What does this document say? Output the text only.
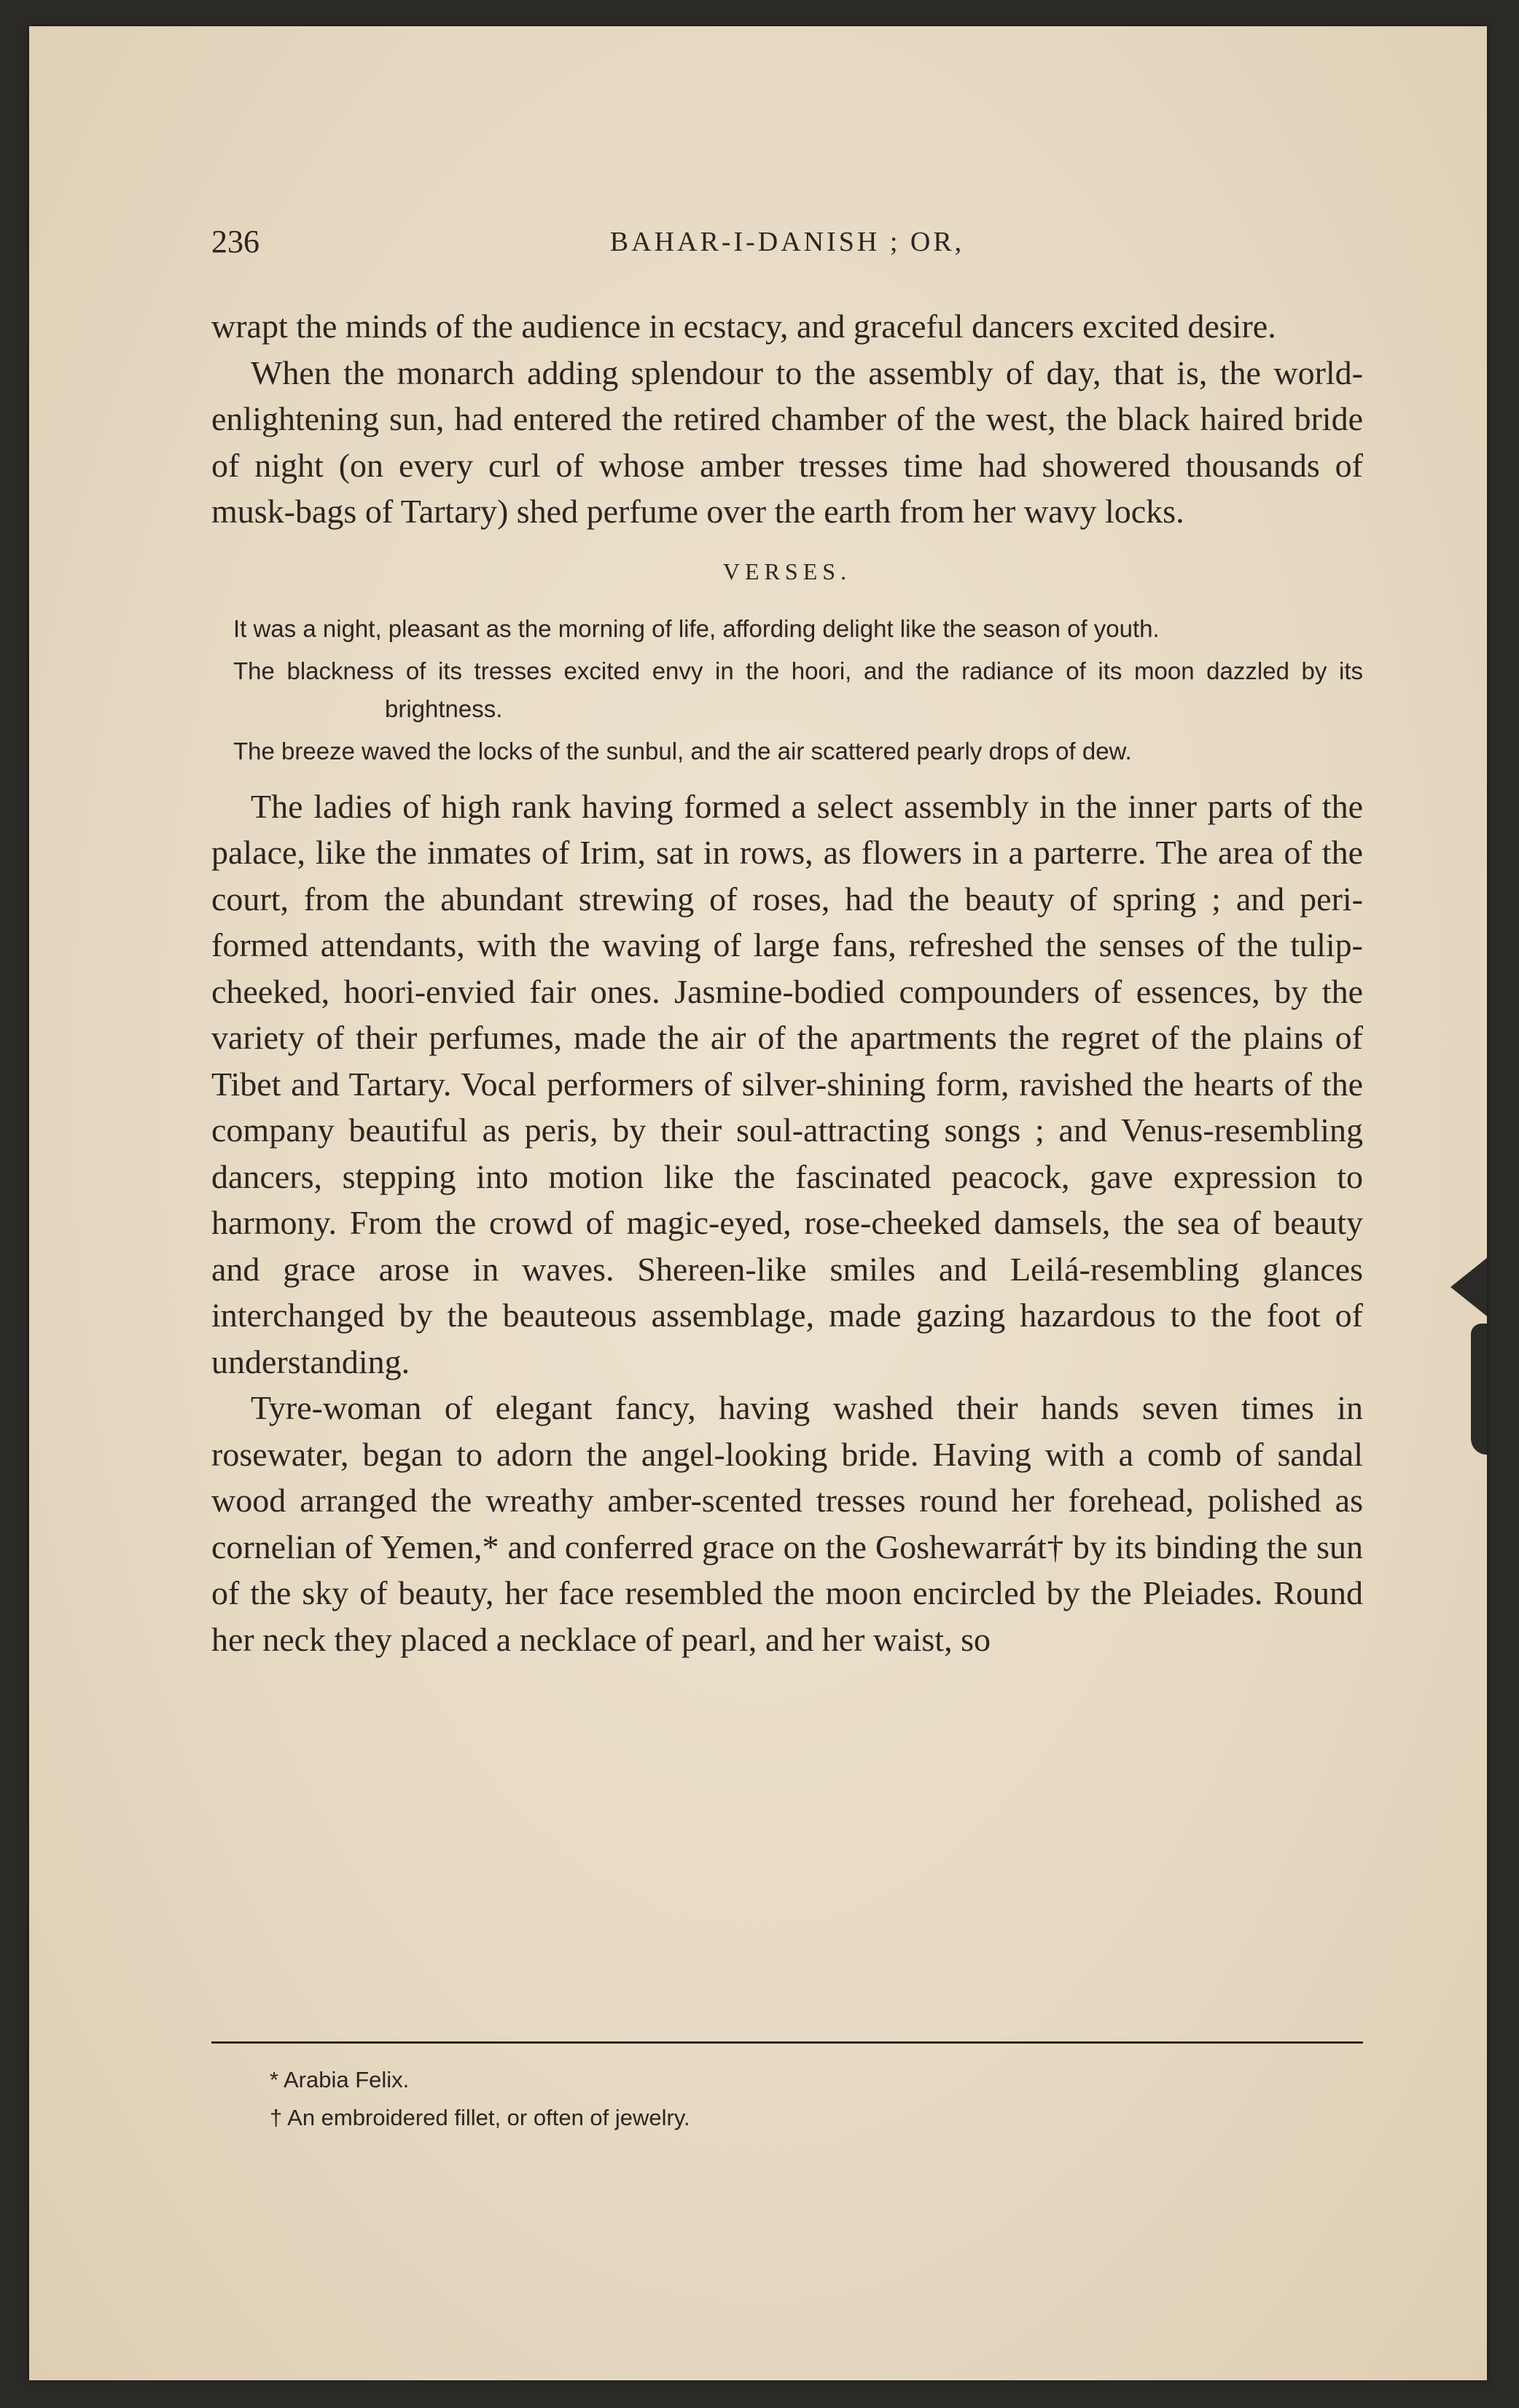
236	BAHAR-I-DANISH ; OR,

wrapt the minds of the audience in ecstacy, and graceful dancers excited desire.

When the monarch adding splendour to the assembly of day, that is, the world-enlightening sun, had entered the retired chamber of the west, the black haired bride of night (on every curl of whose amber tresses time had showered thousands of musk-bags of Tartary) shed perfume over the earth from her wavy locks.

VERSES.

It was a night, pleasant as the morning of life, affording delight like the season of youth.

The blackness of its tresses excited envy in the hoori, and the radiance of its moon dazzled by its brightness.

The breeze waved the locks of the sunbul, and the air scattered pearly drops of dew.

The ladies of high rank having formed a select assembly in the inner parts of the palace, like the inmates of Irim, sat in rows, as flowers in a parterre. The area of the court, from the abundant strewing of roses, had the beauty of spring ; and peri-formed attendants, with the waving of large fans, refreshed the senses of the tulip-cheeked, hoori-envied fair ones. Jasmine-bodied compounders of essences, by the variety of their perfumes, made the air of the apartments the regret of the plains of Tibet and Tartary. Vocal performers of silver-shining form, ravished the hearts of the company beautiful as peris, by their soul-attracting songs ; and Venus-resembling dancers, stepping into motion like the fascinated peacock, gave expression to harmony. From the crowd of magic-eyed, rose-cheeked damsels, the sea of beauty and grace arose in waves. Shereen-like smiles and Leilá-resembling glances interchanged by the beauteous assemblage, made gazing hazardous to the foot of understanding.

Tyre-woman of elegant fancy, having washed their hands seven times in rosewater, began to adorn the angel-looking bride. Having with a comb of sandal wood arranged the wreathy amber-scented tresses round her forehead, polished as cornelian of Yemen,* and conferred grace on the Goshewarrát† by its binding the sun of the sky of beauty, her face resembled the moon encircled by the Pleiades. Round her neck they placed a necklace of pearl, and her waist, so

* Arabia Felix.

† An embroidered fillet, or often of jewelry.
